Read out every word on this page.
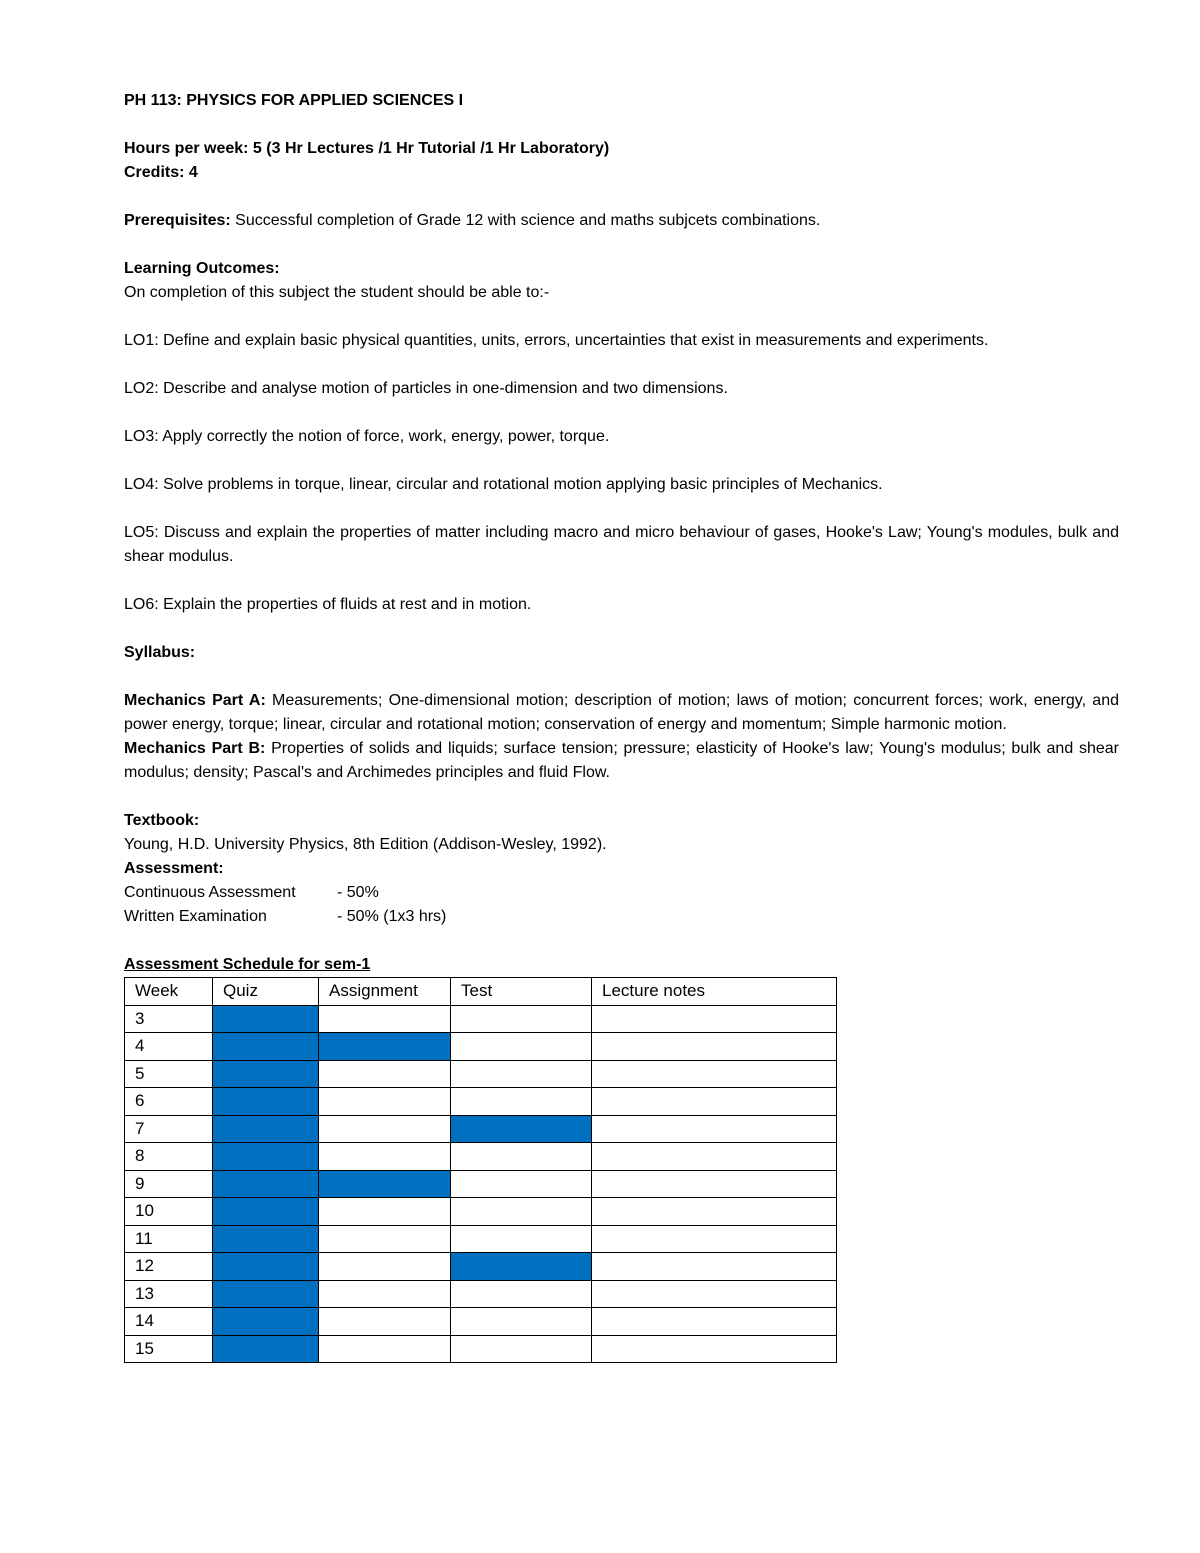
PH 113: PHYSICS FOR APPLIED SCIENCES I

Hours per week: 5 (3 Hr Lectures /1 Hr Tutorial /1 Hr Laboratory)

Credits: 4

Prerequisites: Successful completion of Grade 12 with science and maths subjcets combinations.

Learning Outcomes:

On completion of this subject the student should be able to:-

LO1: Define and explain basic physical quantities, units, errors, uncertainties that exist in measurements and experiments.

LO2: Describe and analyse motion of particles in one-dimension and two dimensions.

LO3: Apply correctly the notion of force, work, energy, power, torque.

LO4: Solve problems in torque, linear, circular and rotational motion applying basic principles of Mechanics.

LO5: Discuss and explain the properties of matter including macro and micro behaviour of gases, Hooke's Law; Young's modules, bulk and shear modulus.

LO6: Explain the properties of fluids at rest and in motion.

Syllabus:

Mechanics Part A: Measurements; One-dimensional motion; description of motion; laws of motion; concurrent forces; work, energy, and power energy, torque; linear, circular and rotational motion; conservation of energy and momentum; Simple harmonic motion.

Mechanics Part B: Properties of solids and liquids; surface tension; pressure; elasticity of Hooke's law; Young's modulus; bulk and shear modulus; density; Pascal's and Archimedes principles and fluid Flow.

Textbook:

Young, H.D. University Physics, 8th Edition (Addison-Wesley, 1992).

Assessment:

Continuous Assessment	- 50%
Written Examination	- 50% (1x3 hrs)

Assessment Schedule for sem-1

Week	Quiz	Assignment	Test	Lecture notes
3				
4				
5				
6				
7				
8				
9				
10				
11				
12				
13				
14				
15				
